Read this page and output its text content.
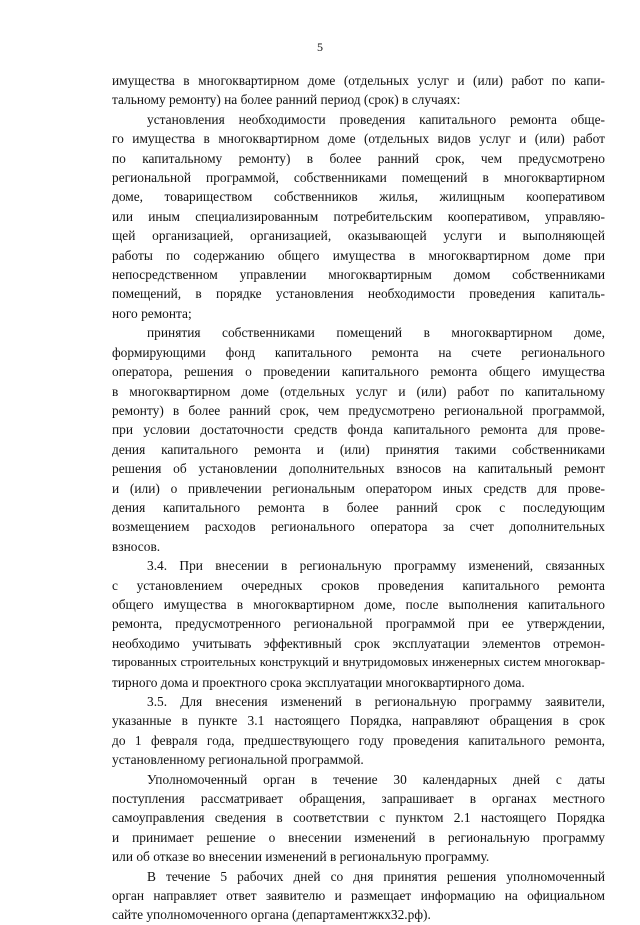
5

имущества в многоквартирном доме (отдельных услуг и (или) работ по капи-
тальному ремонту) на более ранний период (срок) в случаях:

установления необходимости проведения капитального ремонта обще-
го имущества в многоквартирном доме (отдельных видов услуг и (или) работ
по капитальному ремонту) в более ранний срок, чем предусмотрено
региональной программой, собственниками помещений в многоквартирном
доме, товариществом собственников жилья, жилищным кооперативом
или иным специализированным потребительским кооперативом, управляю-
щей организацией, организацией, оказывающей услуги и выполняющей
работы по содержанию общего имущества в многоквартирном доме при
непосредственном управлении многоквартирным домом собственниками
помещений, в порядке установления необходимости проведения капиталь-
ного ремонта;

принятия собственниками помещений в многоквартирном доме,
формирующими фонд капитального ремонта на счете регионального
оператора, решения о проведении капитального ремонта общего имущества
в многоквартирном доме (отдельных услуг и (или) работ по капитальному
ремонту) в более ранний срок, чем предусмотрено региональной программой,
при условии достаточности средств фонда капитального ремонта для прове-
дения капитального ремонта и (или) принятия такими собственниками
решения об установлении дополнительных взносов на капитальный ремонт
и (или) о привлечении региональным оператором иных средств для прове-
дения капитального ремонта в более ранний срок с последующим
возмещением расходов регионального оператора за счет дополнительных
взносов.

3.4. При внесении в региональную программу изменений, связанных
с установлением очередных сроков проведения капитального ремонта
общего имущества в многоквартирном доме, после выполнения капитального
ремонта, предусмотренного региональной программой при ее утверждении,
необходимо учитывать эффективный срок эксплуатации элементов отремон-
тированных строительных конструкций и внутридомовых инженерных систем многоквар-
тирного дома и проектного срока эксплуатации многоквартирного дома.

3.5. Для внесения изменений в региональную программу заявители,
указанные в пункте 3.1 настоящего Порядка, направляют обращения в срок
до 1 февраля года, предшествующего году проведения капитального ремонта,
установленному региональной программой.

Уполномоченный орган в течение 30 календарных дней с даты
поступления рассматривает обращения, запрашивает в органах местного
самоуправления сведения в соответствии с пунктом 2.1 настоящего Порядка
и принимает решение о внесении изменений в региональную программу
или об отказе во внесении изменений в региональную программу.

В течение 5 рабочих дней со дня принятия решения уполномоченный
орган направляет ответ заявителю и размещает информацию на официальном
сайте уполномоченного органа (департаментжкх32.рф).
